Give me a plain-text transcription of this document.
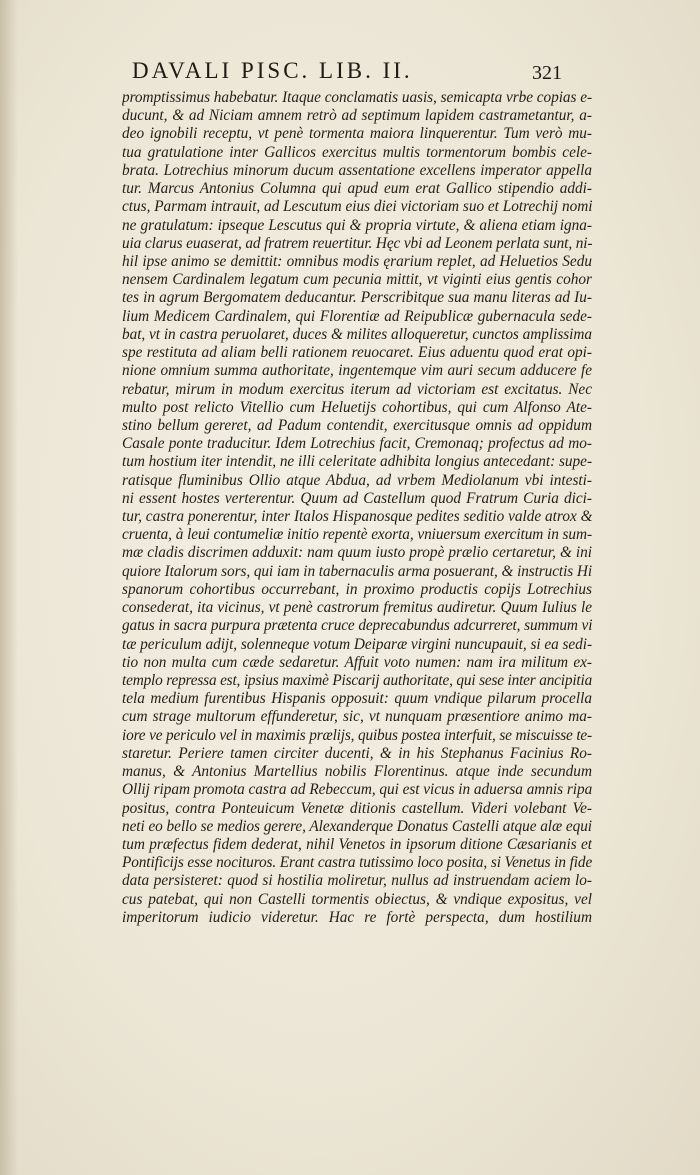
DAVALI PISC. LIB. II.	321
promptissimus habebatur. Itaque conclamatis uasis, semicapta vrbe copias e-
ducunt, & ad Niciam amnem retrò ad septimum lapidem castrametantur, a-
deo ignobili receptu, vt penè tormenta maiora linquerentur. Tum verò mu-
tua gratulatione inter Gallicos exercitus multis tormentorum bombis cele-
brata. Lotrechius minorum ducum assentatione excellens imperator appella
tur. Marcus Antonius Columna qui apud eum erat Gallico stipendio addi-
ctus, Parmam intrauit, ad Lescutum eius diei victoriam suo et Lotrechij nomi
ne gratulatum: ipseque Lescutus qui & propria virtute, & aliena etiam igna-
uia clarus euaserat, ad fratrem reuertitur. Hęc vbi ad Leonem perlata sunt, ni-
hil ipse animo se demittit: omnibus modis ęrarium replet, ad Heluetios Sedu
nensem Cardinalem legatum cum pecunia mittit, vt viginti eius gentis cohor
tes in agrum Bergomatem deducantur. Perscribitque sua manu literas ad Iu-
lium Medicem Cardinalem, qui Florentiæ ad Reipublicæ gubernacula sede-
bat, vt in castra peruolaret, duces & milites alloqueretur, cunctos amplissima
spe restituta ad aliam belli rationem reuocaret. Eius aduentu quod erat opi-
nione omnium summa authoritate, ingentemque vim auri secum adducere fe
rebatur, mirum in modum exercitus iterum ad victoriam est excitatus. Nec
multo post relicto Vitellio cum Heluetijs cohortibus, qui cum Alfonso Ate-
stino bellum gereret, ad Padum contendit, exercitusque omnis ad oppidum
Casale ponte traducitur. Idem Lotrechius facit, Cremonaq; profectus ad mo-
tum hostium iter intendit, ne illi celeritate adhibita longius antecedant: supe-
ratisque fluminibus Ollio atque Abdua, ad vrbem Mediolanum vbi intesti-
ni essent hostes verterentur. Quum ad Castellum quod Fratrum Curia dici-
tur, castra ponerentur, inter Italos Hispanosque pedites seditio valde atrox &
cruenta, à leui contumeliæ initio repentè exorta, vniuersum exercitum in sum-
mæ cladis discrimen adduxit: nam quum iusto propè prælio certaretur, & ini
quiore Italorum sors, qui iam in tabernaculis arma posuerant, & instructis Hi
spanorum cohortibus occurrebant, in proximo productis copijs Lotrechius
consederat, ita vicinus, vt penè castrorum fremitus audiretur. Quum Iulius le
gatus in sacra purpura prætenta cruce deprecabundus adcurreret, summum vi
tæ periculum adijt, solenneque votum Deiparæ virgini nuncupauit, si ea sedi-
tio non multa cum cæde sedaretur. Affuit voto numen: nam ira militum ex-
templo repressa est, ipsius maximè Piscarij authoritate, qui sese inter ancipitia
tela medium furentibus Hispanis opposuit: quum vndique pilarum procella
cum strage multorum effunderetur, sic, vt nunquam præsentiore animo ma-
iore ve periculo vel in maximis prælijs, quibus postea interfuit, se miscuisse te-
staretur. Periere tamen circiter ducenti, & in his Stephanus Facinius Ro-
manus, & Antonius Martellius nobilis Florentinus. atque inde secundum
Ollij ripam promota castra ad Rebeccum, qui est vicus in aduersa amnis ripa
positus, contra Ponteuicum Venetæ ditionis castellum. Videri volebant Ve-
neti eo bello se medios gerere, Alexanderque Donatus Castelli atque alæ equi
tum præfectus fidem dederat, nihil Venetos in ipsorum ditione Cæsarianis et
Pontificijs esse nocituros. Erant castra tutissimo loco posita, si Venetus in fide
data persisteret: quod si hostilia moliretur, nullus ad instruendam aciem lo-
cus patebat, qui non Castelli tormentis obiectus, & vndique expositus, vel
imperitorum iudicio videretur. Hac re fortè perspecta, dum hostilium
